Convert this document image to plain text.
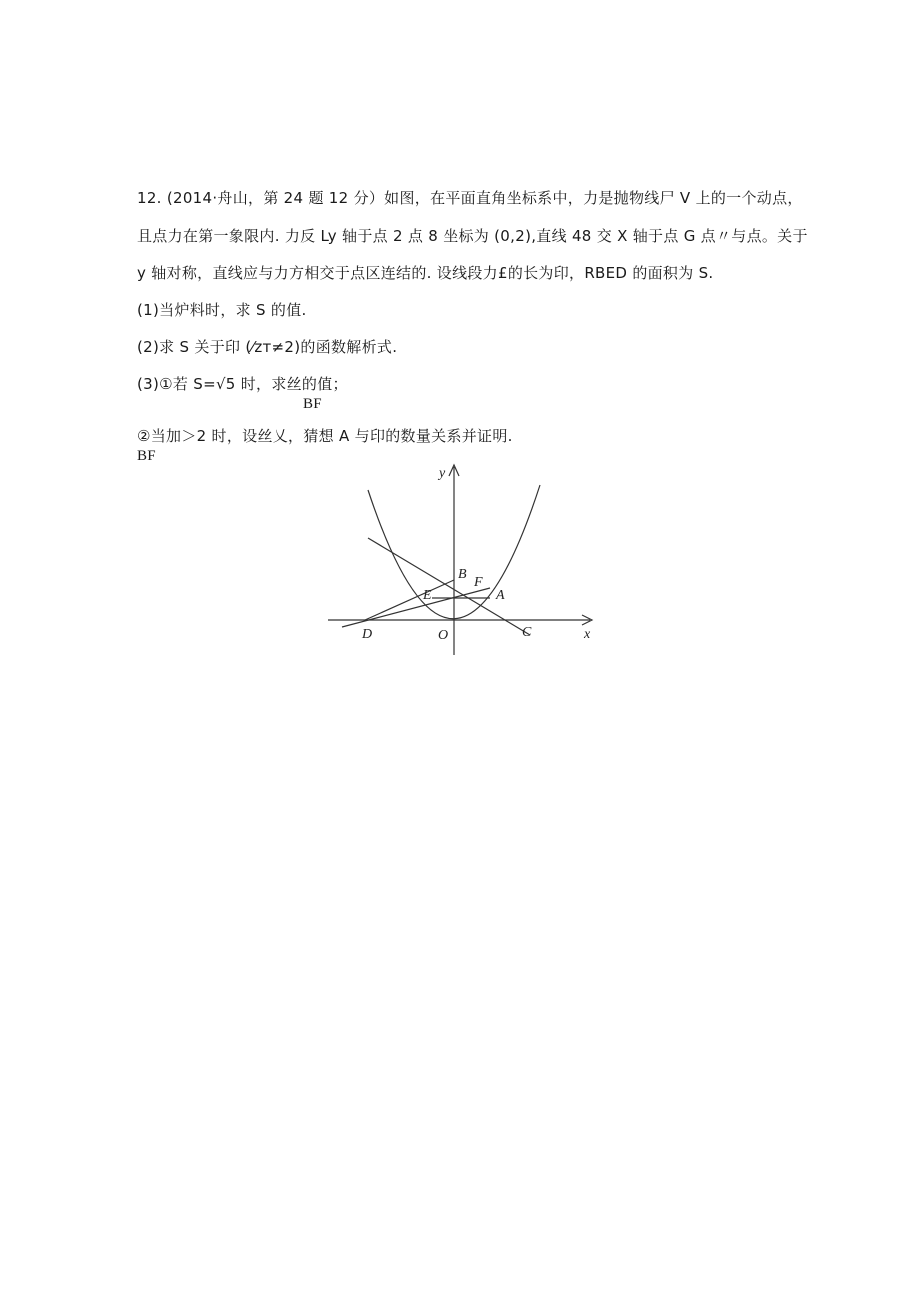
12. (2014·舟山，第 24 题 12 分）如图，在平面直角坐标系中，力是抛物线尸 V 上的一个动点，
且点力在第一象限内. 力反 Ly 轴于点 2 点 8 坐标为 (0,2),直线 48 交 X 轴于点 G 点〃与点。关于
y 轴对称，直线应与力方相交于点区连结的. 设线段力£的长为印，RBED 的面积为 S.
(1)当炉料时，求 S 的值.
(2)求 S 关于印 (⁄zт≠2)的函数解析式.
(3)①若 S=√5 时，求丝的值；
BF
②当加＞2 时，设丝乂，猜想 A 与印的数量关系并证明.
BF
y
x
B
F
E	A
D	O	C
